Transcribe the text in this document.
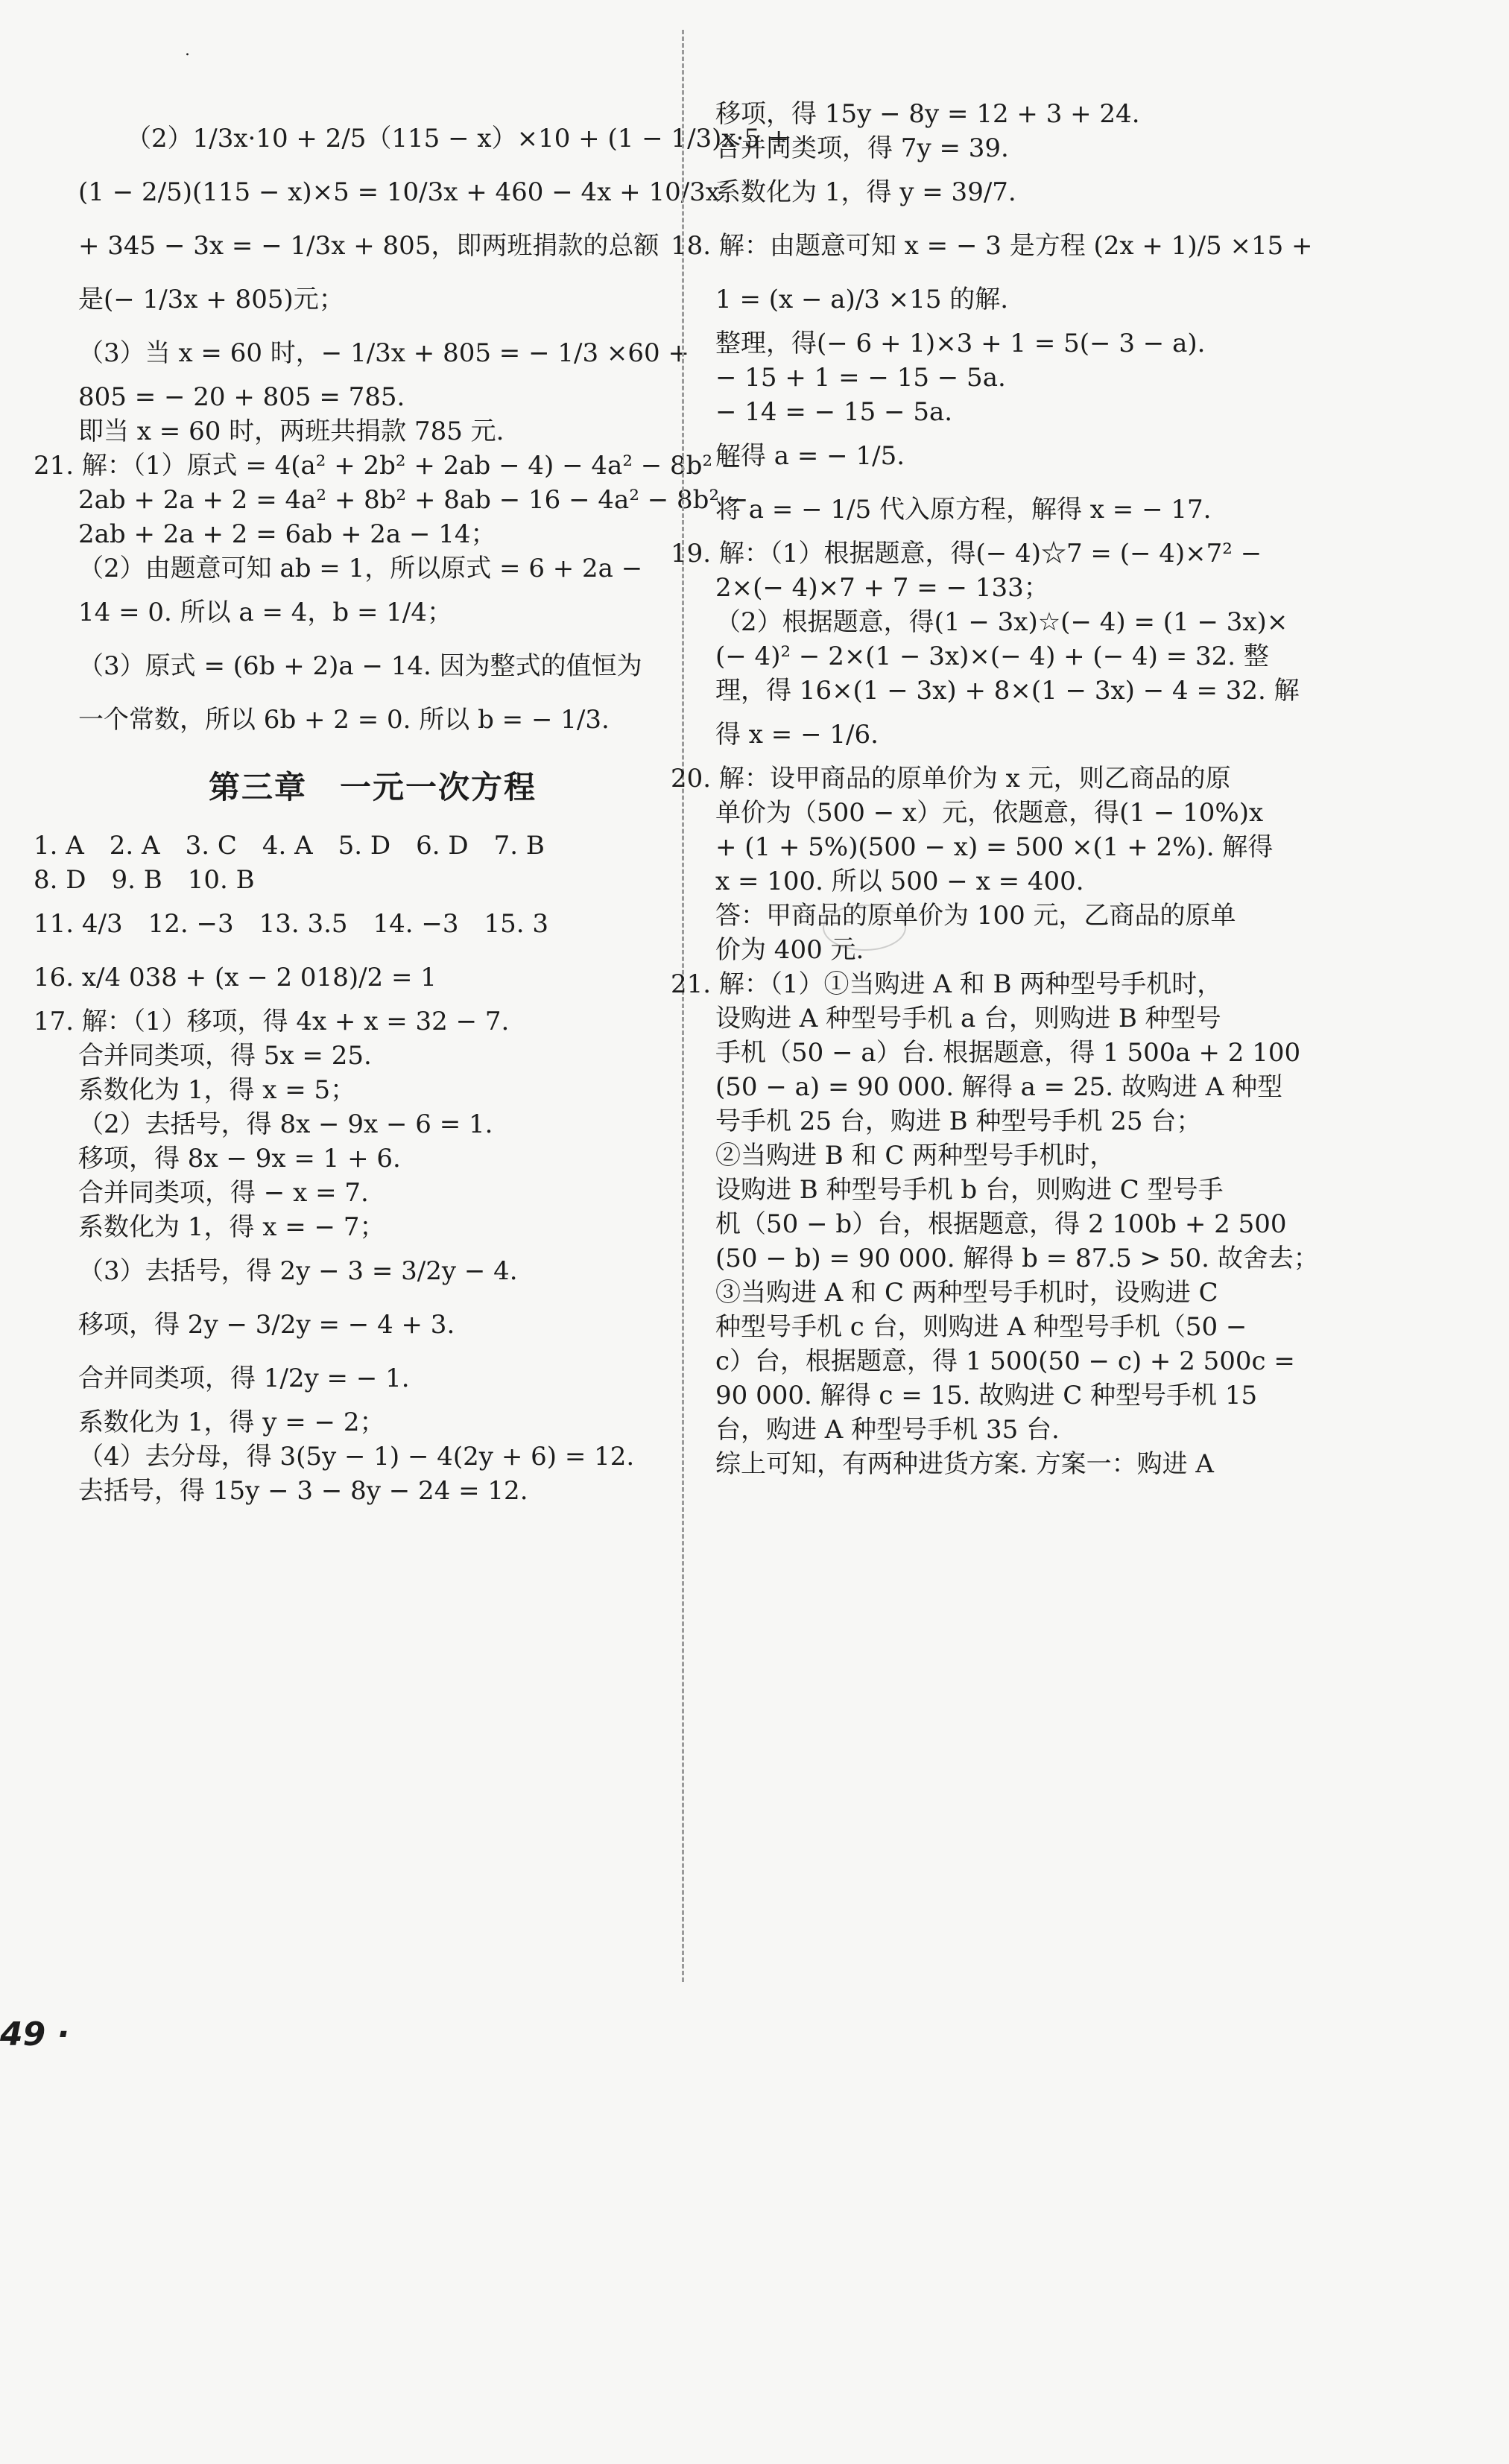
.
（2）1/3x·10 + 2/5（115 − x）×10 + (1 − 1/3)x·5 +
(1 − 2/5)(115 − x)×5 = 10/3x + 460 − 4x + 10/3x
+ 345 − 3x = − 1/3x + 805，即两班捐款的总额
是(− 1/3x + 805)元；
（3）当 x = 60 时，− 1/3x + 805 = − 1/3 ×60 +
805 = − 20 + 805 = 785.
即当 x = 60 时，两班共捐款 785 元.
21. 解：（1）原式 = 4(a² + 2b² + 2ab − 4) − 4a² − 8b² −
2ab + 2a + 2 = 4a² + 8b² + 8ab − 16 − 4a² − 8b² −
2ab + 2a + 2 = 6ab + 2a − 14；
（2）由题意可知 ab = 1，所以原式 = 6 + 2a −
14 = 0. 所以 a = 4，b = 1/4；
（3）原式 = (6b + 2)a − 14. 因为整式的值恒为
一个常数，所以 6b + 2 = 0. 所以 b = − 1/3.
第三章　一元一次方程
1. A　2. A　3. C　4. A　5. D　6. D　7. B
8. D　9. B　10. B
11. 4/3　12. −3　13. 3.5　14. −3　15. 3
16. x/4 038 + (x − 2 018)/2 = 1
17. 解：（1）移项，得 4x + x = 32 − 7.
合并同类项，得 5x = 25.
系数化为 1，得 x = 5；
（2）去括号，得 8x − 9x − 6 = 1.
移项，得 8x − 9x = 1 + 6.
合并同类项，得 − x = 7.
系数化为 1，得 x = − 7；
（3）去括号，得 2y − 3 = 3/2y − 4.
移项，得 2y − 3/2y = − 4 + 3.
合并同类项，得 1/2y = − 1.
系数化为 1，得 y = − 2；
（4）去分母，得 3(5y − 1) − 4(2y + 6) = 12.
去括号，得 15y − 3 − 8y − 24 = 12.
移项，得 15y − 8y = 12 + 3 + 24.
合并同类项，得 7y = 39.
系数化为 1，得 y = 39/7.
18. 解：由题意可知 x = − 3 是方程 (2x + 1)/5 ×15 +
1 = (x − a)/3 ×15 的解.
整理，得(− 6 + 1)×3 + 1 = 5(− 3 − a).
− 15 + 1 = − 15 − 5a.
− 14 = − 15 − 5a.
解得 a = − 1/5.
将 a = − 1/5 代入原方程，解得 x = − 17.
19. 解：（1）根据题意，得(− 4)☆7 = (− 4)×7² −
2×(− 4)×7 + 7 = − 133；
（2）根据题意，得(1 − 3x)☆(− 4) = (1 − 3x)×
(− 4)² − 2×(1 − 3x)×(− 4) + (− 4) = 32. 整
理，得 16×(1 − 3x) + 8×(1 − 3x) − 4 = 32. 解
得 x = − 1/6.
20. 解：设甲商品的原单价为 x 元，则乙商品的原
单价为（500 − x）元，依题意，得(1 − 10%)x
+ (1 + 5%)(500 − x) = 500 ×(1 + 2%). 解得
x = 100. 所以 500 − x = 400.
答：甲商品的原单价为 100 元，乙商品的原单
价为 400 元.
21. 解：（1）①当购进 A 和 B 两种型号手机时，
设购进 A 种型号手机 a 台，则购进 B 种型号
手机（50 − a）台. 根据题意，得 1 500a + 2 100
(50 − a) = 90 000. 解得 a = 25. 故购进 A 种型
号手机 25 台，购进 B 种型号手机 25 台；
②当购进 B 和 C 两种型号手机时，
设购进 B 种型号手机 b 台，则购进 C 型号手
机（50 − b）台，根据题意，得 2 100b + 2 500
(50 − b) = 90 000. 解得 b = 87.5 > 50. 故舍去；
③当购进 A 和 C 两种型号手机时，设购进 C
种型号手机 c 台，则购进 A 种型号手机（50 −
c）台，根据题意，得 1 500(50 − c) + 2 500c =
90 000. 解得 c = 15. 故购进 C 种型号手机 15
台，购进 A 种型号手机 35 台.
综上可知，有两种进货方案. 方案一：购进 A
49 ·
